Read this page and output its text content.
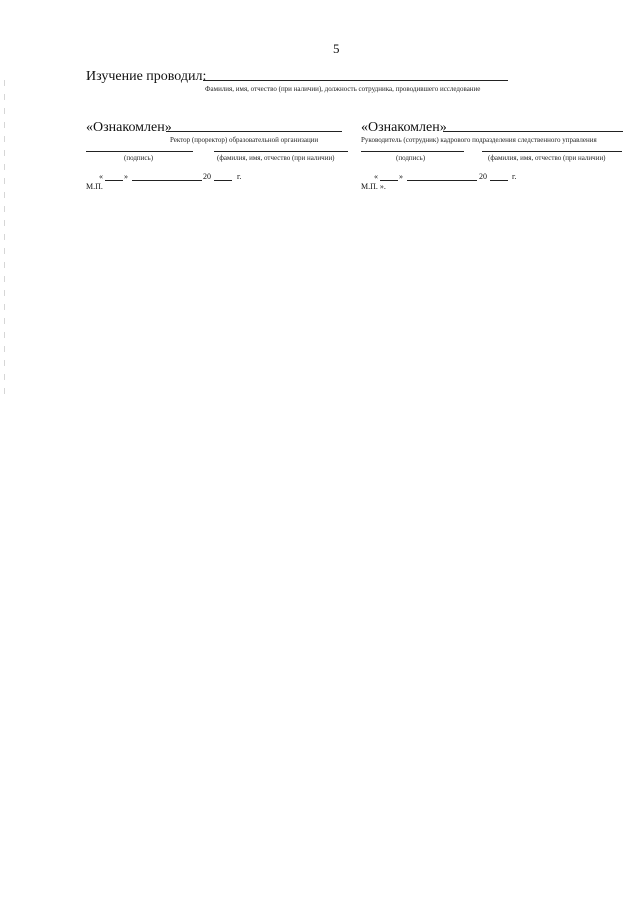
5
Изучение проводил:
Фамилия, имя, отчество (при наличии), должность сотрудника, проводившего исследование
«Ознакомлен»
Ректор (проректор) образовательной организации
(подпись)	(фамилия, имя, отчество (при наличии)
«	»	20	г.
М.П.
«Ознакомлен»
Руководитель (сотрудник) кадрового подразделения следственного управления
(подпись)	(фамилия, имя, отчество (при наличии)
«	»	20	г.
М.П. ».
